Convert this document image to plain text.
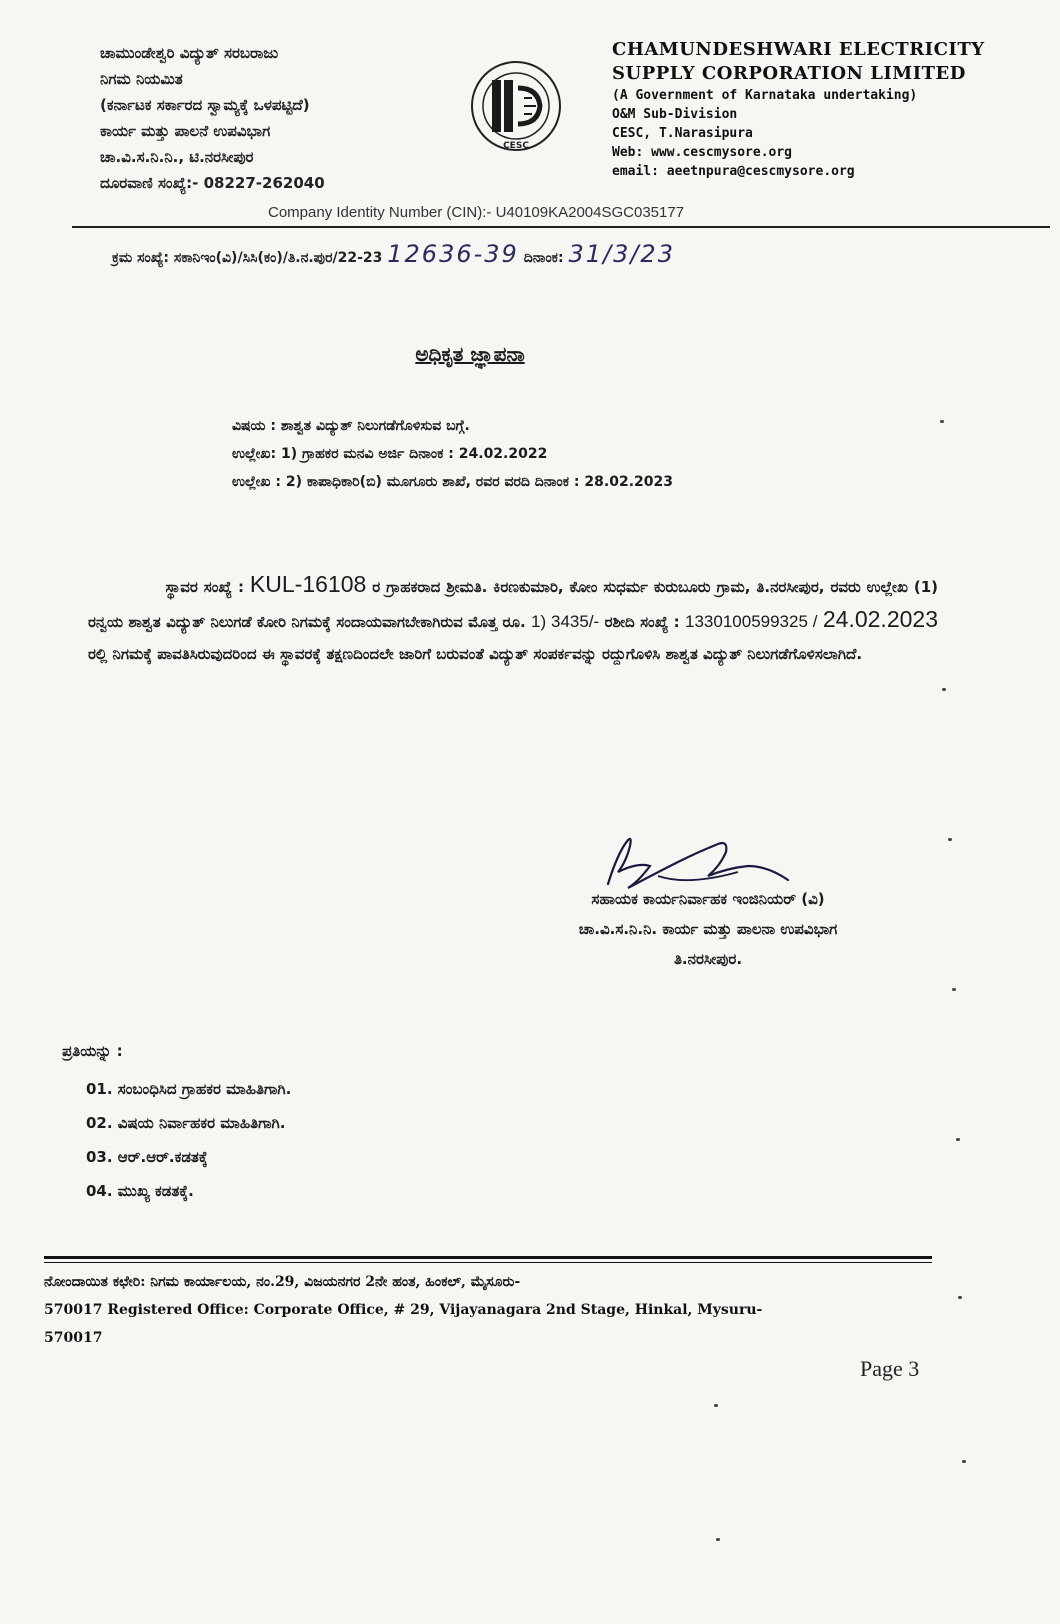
ಚಾಮುಂಡೇಶ್ವರಿ ವಿದ್ಯುತ್ ಸರಬರಾಜು
ನಿಗಮ ನಿಯಮಿತ
(ಕರ್ನಾಟಕ ಸರ್ಕಾರದ ಸ್ವಾಮ್ಯಕ್ಕೆ ಒಳಪಟ್ಟಿದೆ)
ಕಾರ್ಯ ಮತ್ತು ಪಾಲನೆ ಉಪವಿಭಾಗ
ಚಾ.ವಿ.ಸ.ನಿ.ನಿ., ಟಿ.ನರಸೀಪುರ
ದೂರವಾಣಿ ಸಂಖ್ಯೆ:- 08227-262040
CESC
CHAMUNDESHWARI ELECTRICITY
SUPPLY CORPORATION LIMITED
(A Government of Karnataka undertaking)
O&M Sub-Division
CESC, T.Narasipura
Web: www.cescmysore.org
email: aeetnpura@cescmysore.org
Company Identity Number (CIN):- U40109KA2004SGC035177
ಕ್ರಮ ಸಂಖ್ಯೆ: ಸಕಾನಿಇಂ(ವಿ)/ಸಿಸಿ(ಕಂ)/ತಿ.ನ.ಪುರ/22-23 12636-39 ದಿನಾಂಕ: 31/3/23
ಅಧಿಕೃತ ಜ್ಞಾಪನಾ
ವಿಷಯ : ಶಾಶ್ವತ ವಿದ್ಯುತ್ ನಿಲುಗಡೆಗೊಳಿಸುವ ಬಗ್ಗೆ.
ಉಲ್ಲೇಖ: 1) ಗ್ರಾಹಕರ ಮನವಿ ಅರ್ಜಿ ದಿನಾಂಕ : 24.02.2022
ಉಲ್ಲೇಖ : 2) ಕಾಪಾಧಿಕಾರಿ(ಬಿ) ಮೂಗೂರು ಶಾಖೆ, ರವರ ವರದಿ ದಿನಾಂಕ : 28.02.2023
ಸ್ಥಾವರ ಸಂಖ್ಯೆ : KUL-16108 ರ ಗ್ರಾಹಕರಾದ ಶ್ರೀಮತಿ. ಕಿರಣಕುಮಾರಿ, ಕೋಂ ಸುಧರ್ಮ ಕುರುಬೂರು ಗ್ರಾಮ, ತಿ.ನರಸೀಪುರ, ರವರು ಉಲ್ಲೇಖ (1) ರನ್ವಯ ಶಾಶ್ವತ ವಿದ್ಯುತ್ ನಿಲುಗಡೆ ಕೋರಿ ನಿಗಮಕ್ಕೆ ಸಂದಾಯವಾಗಬೇಕಾಗಿರುವ ಮೊತ್ತ ರೂ. 1) 3435/- ರಶೀದಿ ಸಂಖ್ಯೆ : 1330100599325 / 24.02.2023 ರಲ್ಲಿ ನಿಗಮಕ್ಕೆ ಪಾವತಿಸಿರುವುದರಿಂದ ಈ ಸ್ಥಾವರಕ್ಕೆ ತಕ್ಷಣದಿಂದಲೇ ಜಾರಿಗೆ ಬರುವಂತೆ ವಿದ್ಯುತ್ ಸಂಪರ್ಕವನ್ನು ರದ್ದುಗೊಳಿಸಿ ಶಾಶ್ವತ ವಿದ್ಯುತ್ ನಿಲುಗಡೆಗೊಳಿಸಲಾಗಿದೆ.
ಸಹಾಯಕ ಕಾರ್ಯನಿರ್ವಾಹಕ ಇಂಜಿನಿಯರ್ (ವಿ)
ಚಾ.ವಿ.ಸ.ನಿ.ನಿ. ಕಾರ್ಯ ಮತ್ತು ಪಾಲನಾ ಉಪವಿಭಾಗ
ತಿ.ನರಸೀಪುರ.
ಪ್ರತಿಯನ್ನು :
01. ಸಂಬಂಧಿಸಿದ ಗ್ರಾಹಕರ ಮಾಹಿತಿಗಾಗಿ.
02. ವಿಷಯ ನಿರ್ವಾಹಕರ ಮಾಹಿತಿಗಾಗಿ.
03. ಆರ್.ಆರ್.ಕಡತಕ್ಕೆ
04. ಮುಖ್ಯ ಕಡತಕ್ಕೆ.
ನೋಂದಾಯಿತ ಕಛೇರಿ: ನಿಗಮ ಕಾರ್ಯಾಲಯ, ನಂ.29, ವಿಜಯನಗರ 2ನೇ ಹಂತ, ಹಿಂಕಲ್, ಮೈಸೂರು-
570017 Registered Office: Corporate Office, # 29, Vijayanagara 2nd Stage, Hinkal, Mysuru-
570017
Page 3
